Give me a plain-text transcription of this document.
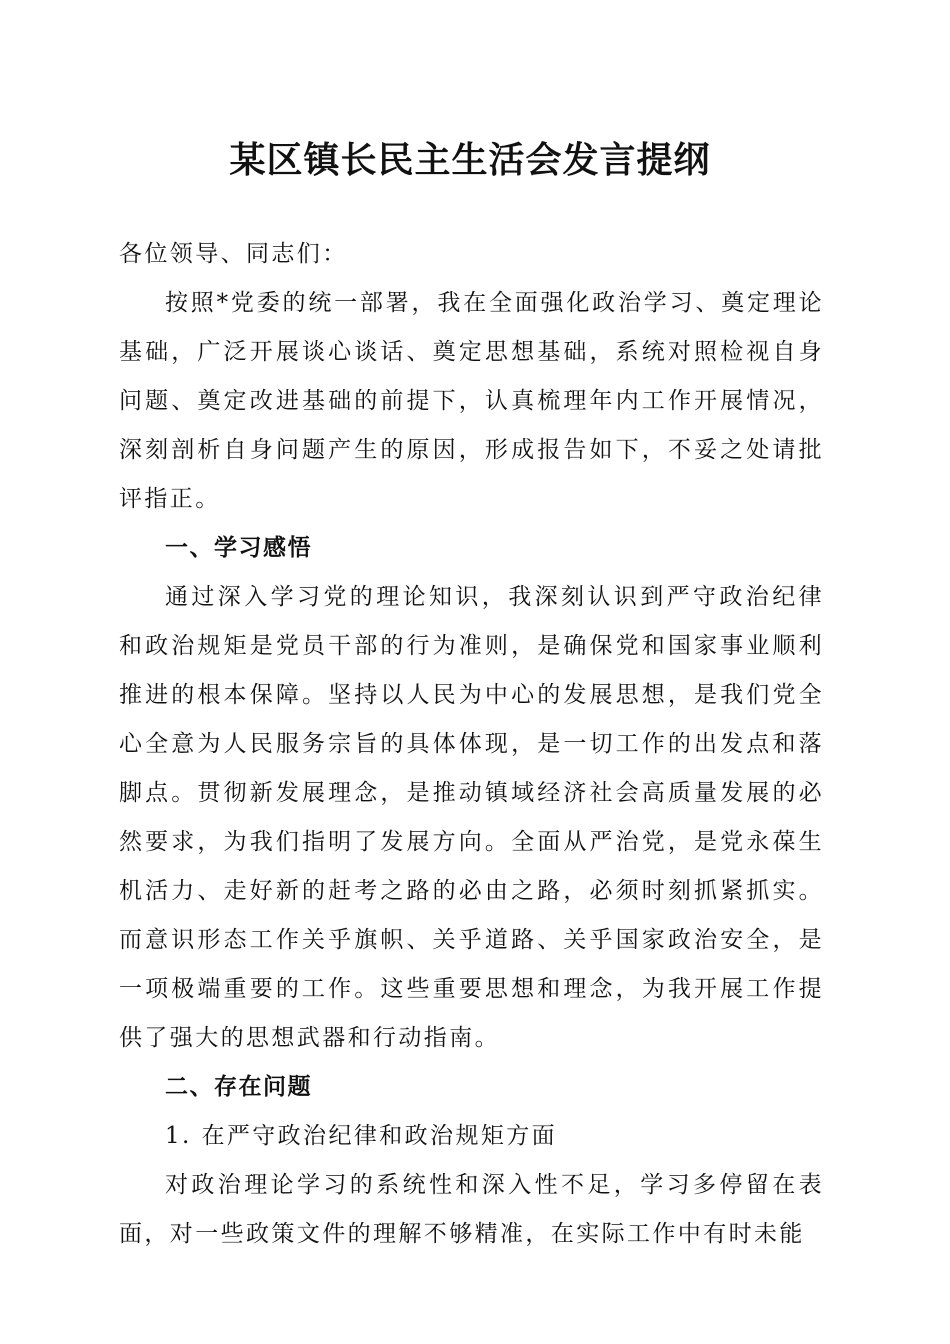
某区镇长民主生活会发言提纲

各位领导、同志们：

按照*党委的统一部署，我在全面强化政治学习、奠定理论基础，广泛开展谈心谈话、奠定思想基础，系统对照检视自身问题、奠定改进基础的前提下，认真梳理年内工作开展情况，深刻剖析自身问题产生的原因，形成报告如下，不妥之处请批评指正。

一、学习感悟

通过深入学习党的理论知识，我深刻认识到严守政治纪律和政治规矩是党员干部的行为准则，是确保党和国家事业顺利推进的根本保障。坚持以人民为中心的发展思想，是我们党全心全意为人民服务宗旨的具体体现，是一切工作的出发点和落脚点。贯彻新发展理念，是推动镇域经济社会高质量发展的必然要求，为我们指明了发展方向。全面从严治党，是党永葆生机活力、走好新的赶考之路的必由之路，必须时刻抓紧抓实。而意识形态工作关乎旗帜、关乎道路、关乎国家政治安全，是一项极端重要的工作。这些重要思想和理念，为我开展工作提供了强大的思想武器和行动指南。

二、存在问题

1. 在严守政治纪律和政治规矩方面

对政治理论学习的系统性和深入性不足，学习多停留在表面，对一些政策文件的理解不够精准，在实际工作中有时未能
